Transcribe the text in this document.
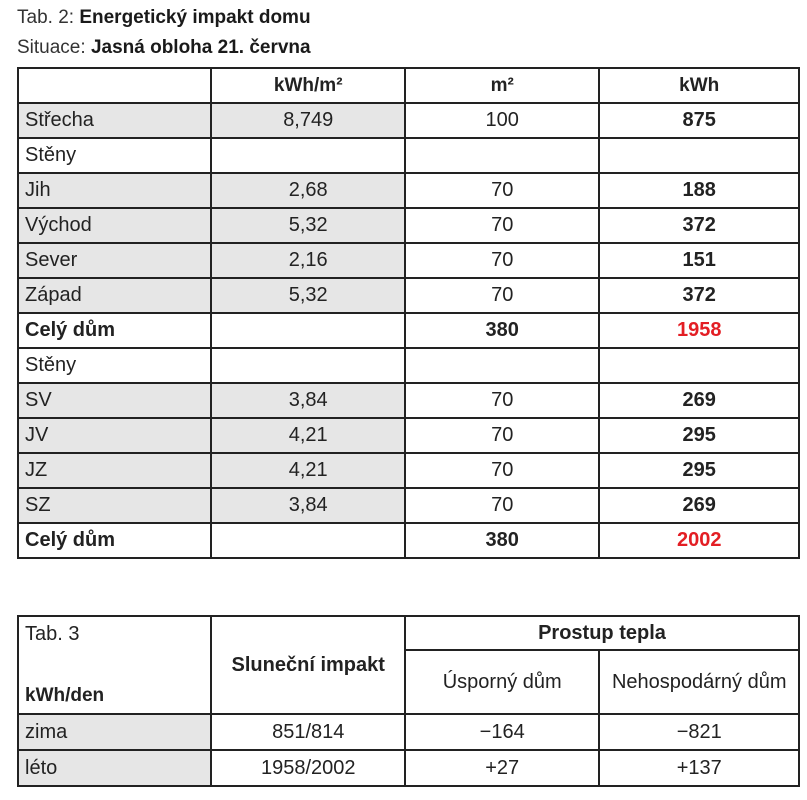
Tab. 2: Energetický impakt domu
Situace: Jasná obloha 21. června
	kWh/m²	m²	kWh
Střecha	8,749	100	875
Stěny			
Jih	2,68	70	188
Východ	5,32	70	372
Sever	2,16	70	151
Západ	5,32	70	372
Celý dům		380	1958
Stěny			
SV	3,84	70	269
JV	4,21	70	295
JZ	4,21	70	295
SZ	3,84	70	269
Celý dům		380	2002
Tab. 3
kWh/den	Sluneční impakt	Prostup tepla	
		Úsporný dům	Nehospodárný dům
zima	851/814	−164	−821
léto	1958/2002	+27	+137
